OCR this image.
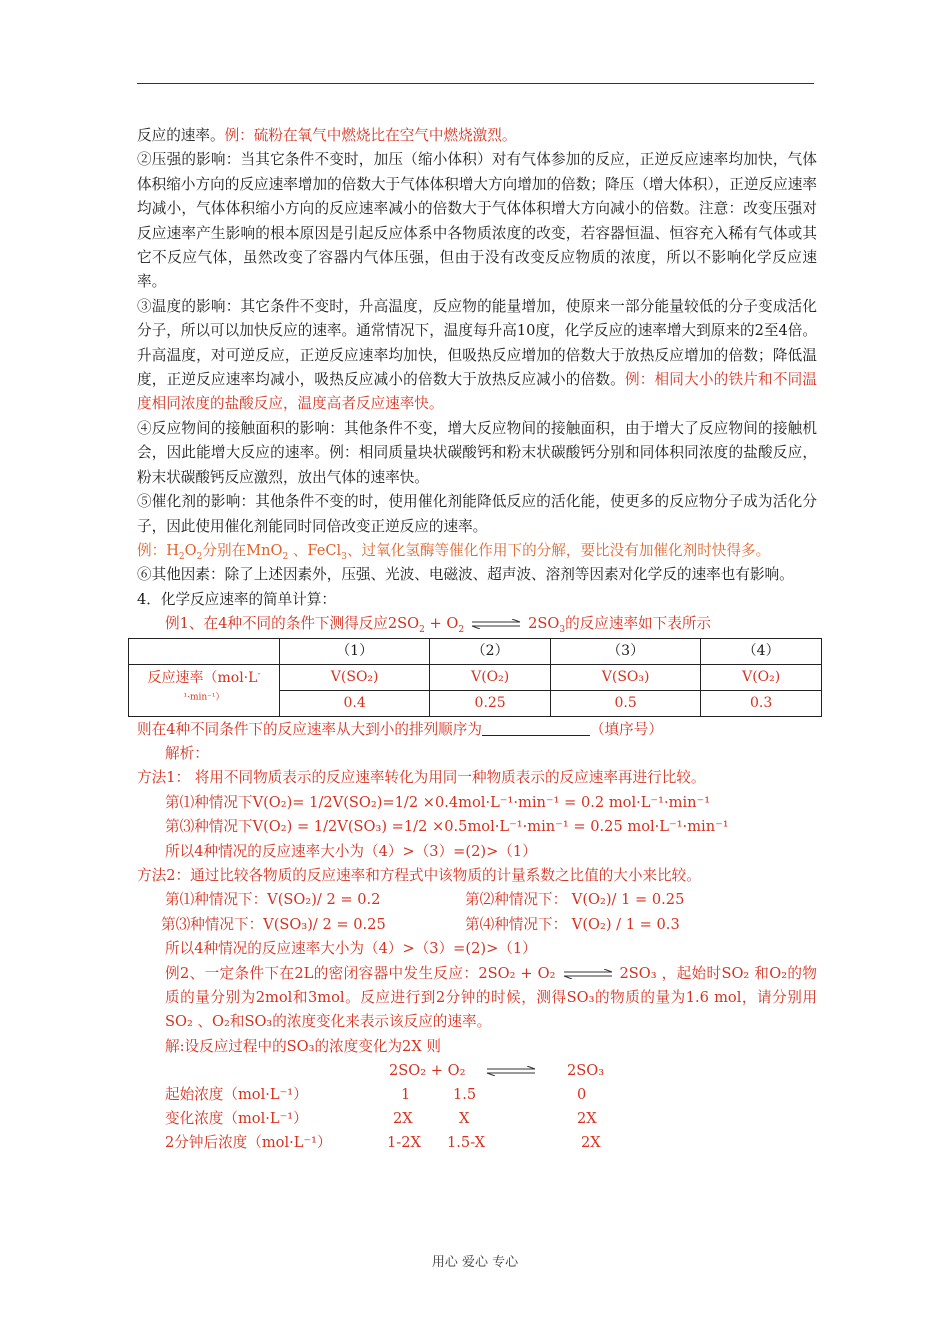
反应的速率。例：硫粉在氧气中燃烧比在空气中燃烧激烈。

②压强的影响：当其它条件不变时，加压（缩小体积）对有气体参加的反应，正逆反应速率均加快，气体体积缩小方向的反应速率增加的倍数大于气体体积增大方向增加的倍数；降压（增大体积），正逆反应速率均减小，气体体积缩小方向的反应速率减小的倍数大于气体体积增大方向减小的倍数。注意：改变压强对反应速率产生影响的根本原因是引起反应体系中各物质浓度的改变，若容器恒温、恒容充入稀有气体或其它不反应气体，虽然改变了容器内气体压强，但由于没有改变反应物质的浓度，所以不影响化学反应速率。

③温度的影响：其它条件不变时，升高温度，反应物的能量增加，使原来一部分能量较低的分子变成活化分子，所以可以加快反应的速率。通常情况下，温度每升高10度，化学反应的速率增大到原来的2至4倍。升高温度，对可逆反应，正逆反应速率均加快，但吸热反应增加的倍数大于放热反应增加的倍数；降低温度，正逆反应速率均减小，吸热反应减小的倍数大于放热反应减小的倍数。例：相同大小的铁片和不同温度相同浓度的盐酸反应，温度高者反应速率快。

④反应物间的接触面积的影响：其他条件不变，增大反应物间的接触面积，由于增大了反应物间的接触机会，因此能增大反应的速率。例：相同质量块状碳酸钙和粉末状碳酸钙分别和同体积同浓度的盐酸反应，粉末状碳酸钙反应激烈，放出气体的速率快。

⑤催化剂的影响：其他条件不变的时，使用催化剂能降低反应的活化能，使更多的反应物分子成为活化分子，因此使用催化剂能同时同倍改变正逆反应的速率。

例：$H_2O_2$分别在MnO$_2$ 、FeCl$_3$、过氧化氢酶等催化作用下的分解，要比没有加催化剂时快得多。

⑥其他因素：除了上述因素外，压强、光波、电磁波、超声波、溶剂等因素对化学反的速率也有影响。

4．化学反应速率的简单计算：

例1、在4种不同的条件下测得反应$2SO_2 + O_2$ ⇌ $2SO_3$的反应速率如下表所示

	（1）	（2）	（3）	（4）
反应速率（mol·L-
$^{^1\cdot min^{-1})}$	V(SO₂)	V(O₂)	V(SO₃)	V(O₂)
	0.4	0.25	0.5	0.3

则在4种不同条件下的反应速率从大到小的排列顺序为	（填序号）

解析：

方法1： 将用不同物质表示的反应速率转化为用同一种物质表示的反应速率再进行比较。

第⑴种情况下V(O₂)= 1/2V(SO₂)=1/2 ×0.4mol·L⁻¹·min⁻¹ = 0.2 mol·L⁻¹·min⁻¹

第⑶种情况下V(O₂) = 1/2V(SO₃) =1/2 ×0.5mol·L⁻¹·min⁻¹ = 0.25 mol·L⁻¹·min⁻¹

所以4种情况的反应速率大小为（4）>（3）=(2)>（1）

方法2：通过比较各物质的反应速率和方程式中该物质的计量系数之比值的大小来比较。

第⑴种情况下：V(SO₂)/ 2 = 0.2	第⑵种情况下： V(O₂)/ 1 = 0.25

第⑶种情况下：V(SO₃)/ 2 = 0.25	第⑷种情况下： V(O₂) / 1 = 0.3

所以4种情况的反应速率大小为（4）>（3）=(2)>（1）

例2、一定条件下在2L的密闭容器中发生反应：2SO₂ + O₂ ⇌ 2SO₃ ，起始时SO₂ 和O₂的物质的量分别为2mol和3mol。反应进行到2分钟的时候，测得SO₃的物质的量为1.6 mol，请分别用SO₂ 、O₂和SO₃的浓度变化来表示该反应的速率。

解:设反应过程中的SO₃的浓度变化为2X 则

2SO₂ + O₂ ⇌ 2SO₃
起始浓度（mol·L⁻¹）	1	1.5	0
变化浓度（mol·L⁻¹）	2X	X	2X
2分钟后浓度（mol·L⁻¹）	1-2X 1.5-X	2X
用心 爱心 专心
